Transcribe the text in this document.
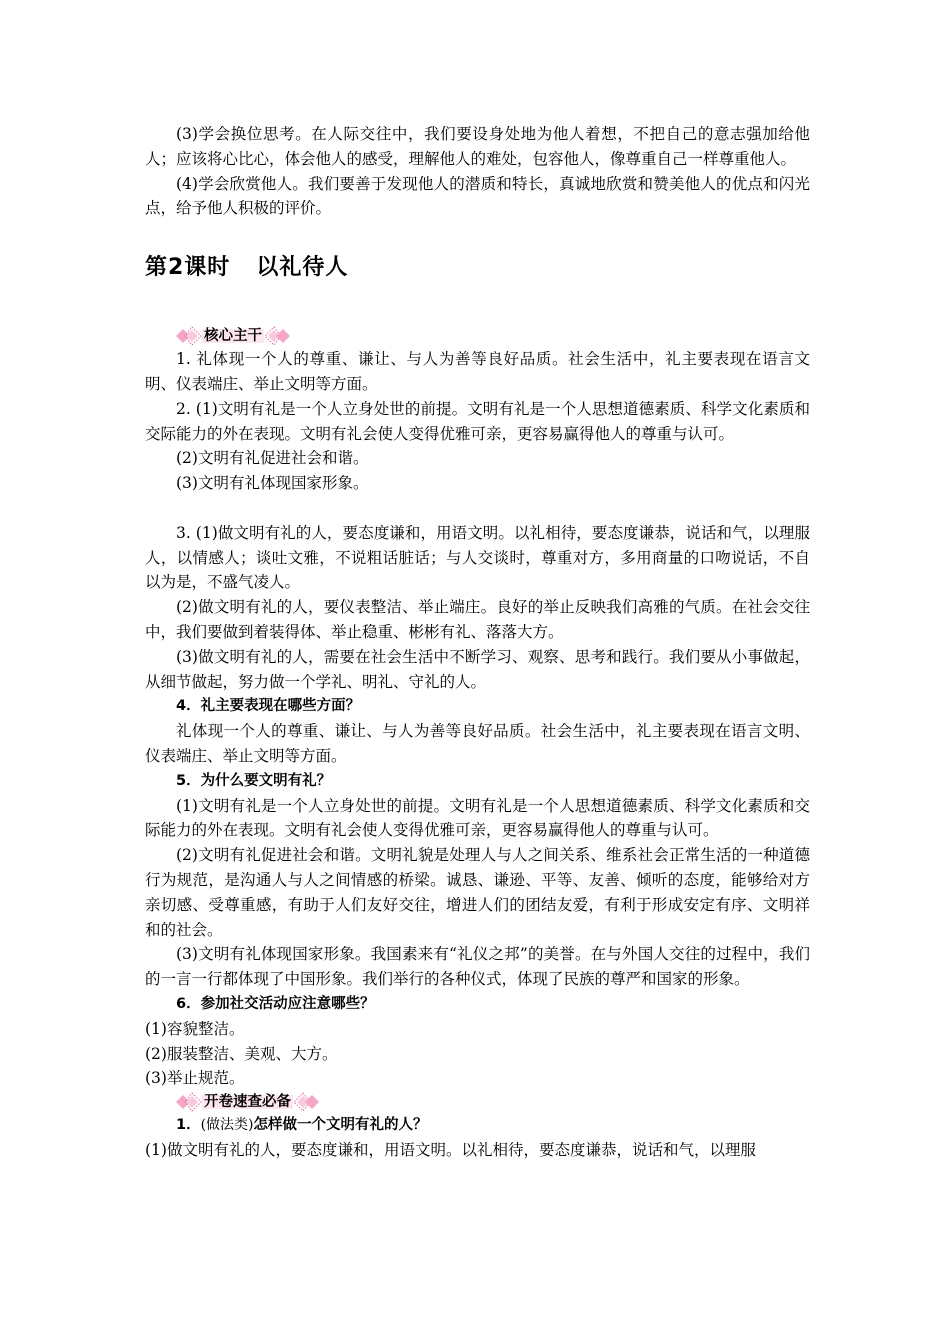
(3)学会换位思考。在人际交往中，我们要设身处地为他人着想，不把自己的意志强加给他人；应该将心比心，体会他人的感受，理解他人的难处，包容他人，像尊重自己一样尊重他人。

(4)学会欣赏他人。我们要善于发现他人的潜质和特长，真诚地欣赏和赞美他人的优点和闪光点，给予他人积极的评价。

第2课时 以礼待人
核心主干

1. 礼体现一个人的尊重、谦让、与人为善等良好品质。社会生活中，礼主要表现在语言文明、仪表端庄、举止文明等方面。

2. (1)文明有礼是一个人立身处世的前提。文明有礼是一个人思想道德素质、科学文化素质和交际能力的外在表现。文明有礼会使人变得优雅可亲，更容易赢得他人的尊重与认可。

(2)文明有礼促进社会和谐。

(3)文明有礼体现国家形象。

3. (1)做文明有礼的人，要态度谦和，用语文明。以礼相待，要态度谦恭，说话和气，以理服人，以情感人；谈吐文雅，不说粗话脏话；与人交谈时，尊重对方，多用商量的口吻说话，不自以为是，不盛气凌人。

(2)做文明有礼的人，要仪表整洁、举止端庄。良好的举止反映我们高雅的气质。在社会交往中，我们要做到着装得体、举止稳重、彬彬有礼、落落大方。

(3)做文明有礼的人，需要在社会生活中不断学习、观察、思考和践行。我们要从小事做起，从细节做起，努力做一个学礼、明礼、守礼的人。

4．礼主要表现在哪些方面？

礼体现一个人的尊重、谦让、与人为善等良好品质。社会生活中，礼主要表现在语言文明、仪表端庄、举止文明等方面。

5．为什么要文明有礼？

(1)文明有礼是一个人立身处世的前提。文明有礼是一个人思想道德素质、科学文化素质和交际能力的外在表现。文明有礼会使人变得优雅可亲，更容易赢得他人的尊重与认可。

(2)文明有礼促进社会和谐。文明礼貌是处理人与人之间关系、维系社会正常生活的一种道德行为规范，是沟通人与人之间情感的桥梁。诚恳、谦逊、平等、友善、倾听的态度，能够给对方亲切感、受尊重感，有助于人们友好交往，增进人们的团结友爱，有利于形成安定有序、文明祥和的社会。

(3)文明有礼体现国家形象。我国素来有“礼仪之邦”的美誉。在与外国人交往的过程中，我们的一言一行都体现了中国形象。我们举行的各种仪式，体现了民族的尊严和国家的形象。

6．参加社交活动应注意哪些？

(1)容貌整洁。

(2)服装整洁、美观、大方。

(3)举止规范。

开卷速查必备

1．(做法类)怎样做一个文明有礼的人？

(1)做文明有礼的人，要态度谦和，用语文明。以礼相待，要态度谦恭，说话和气，以理服
